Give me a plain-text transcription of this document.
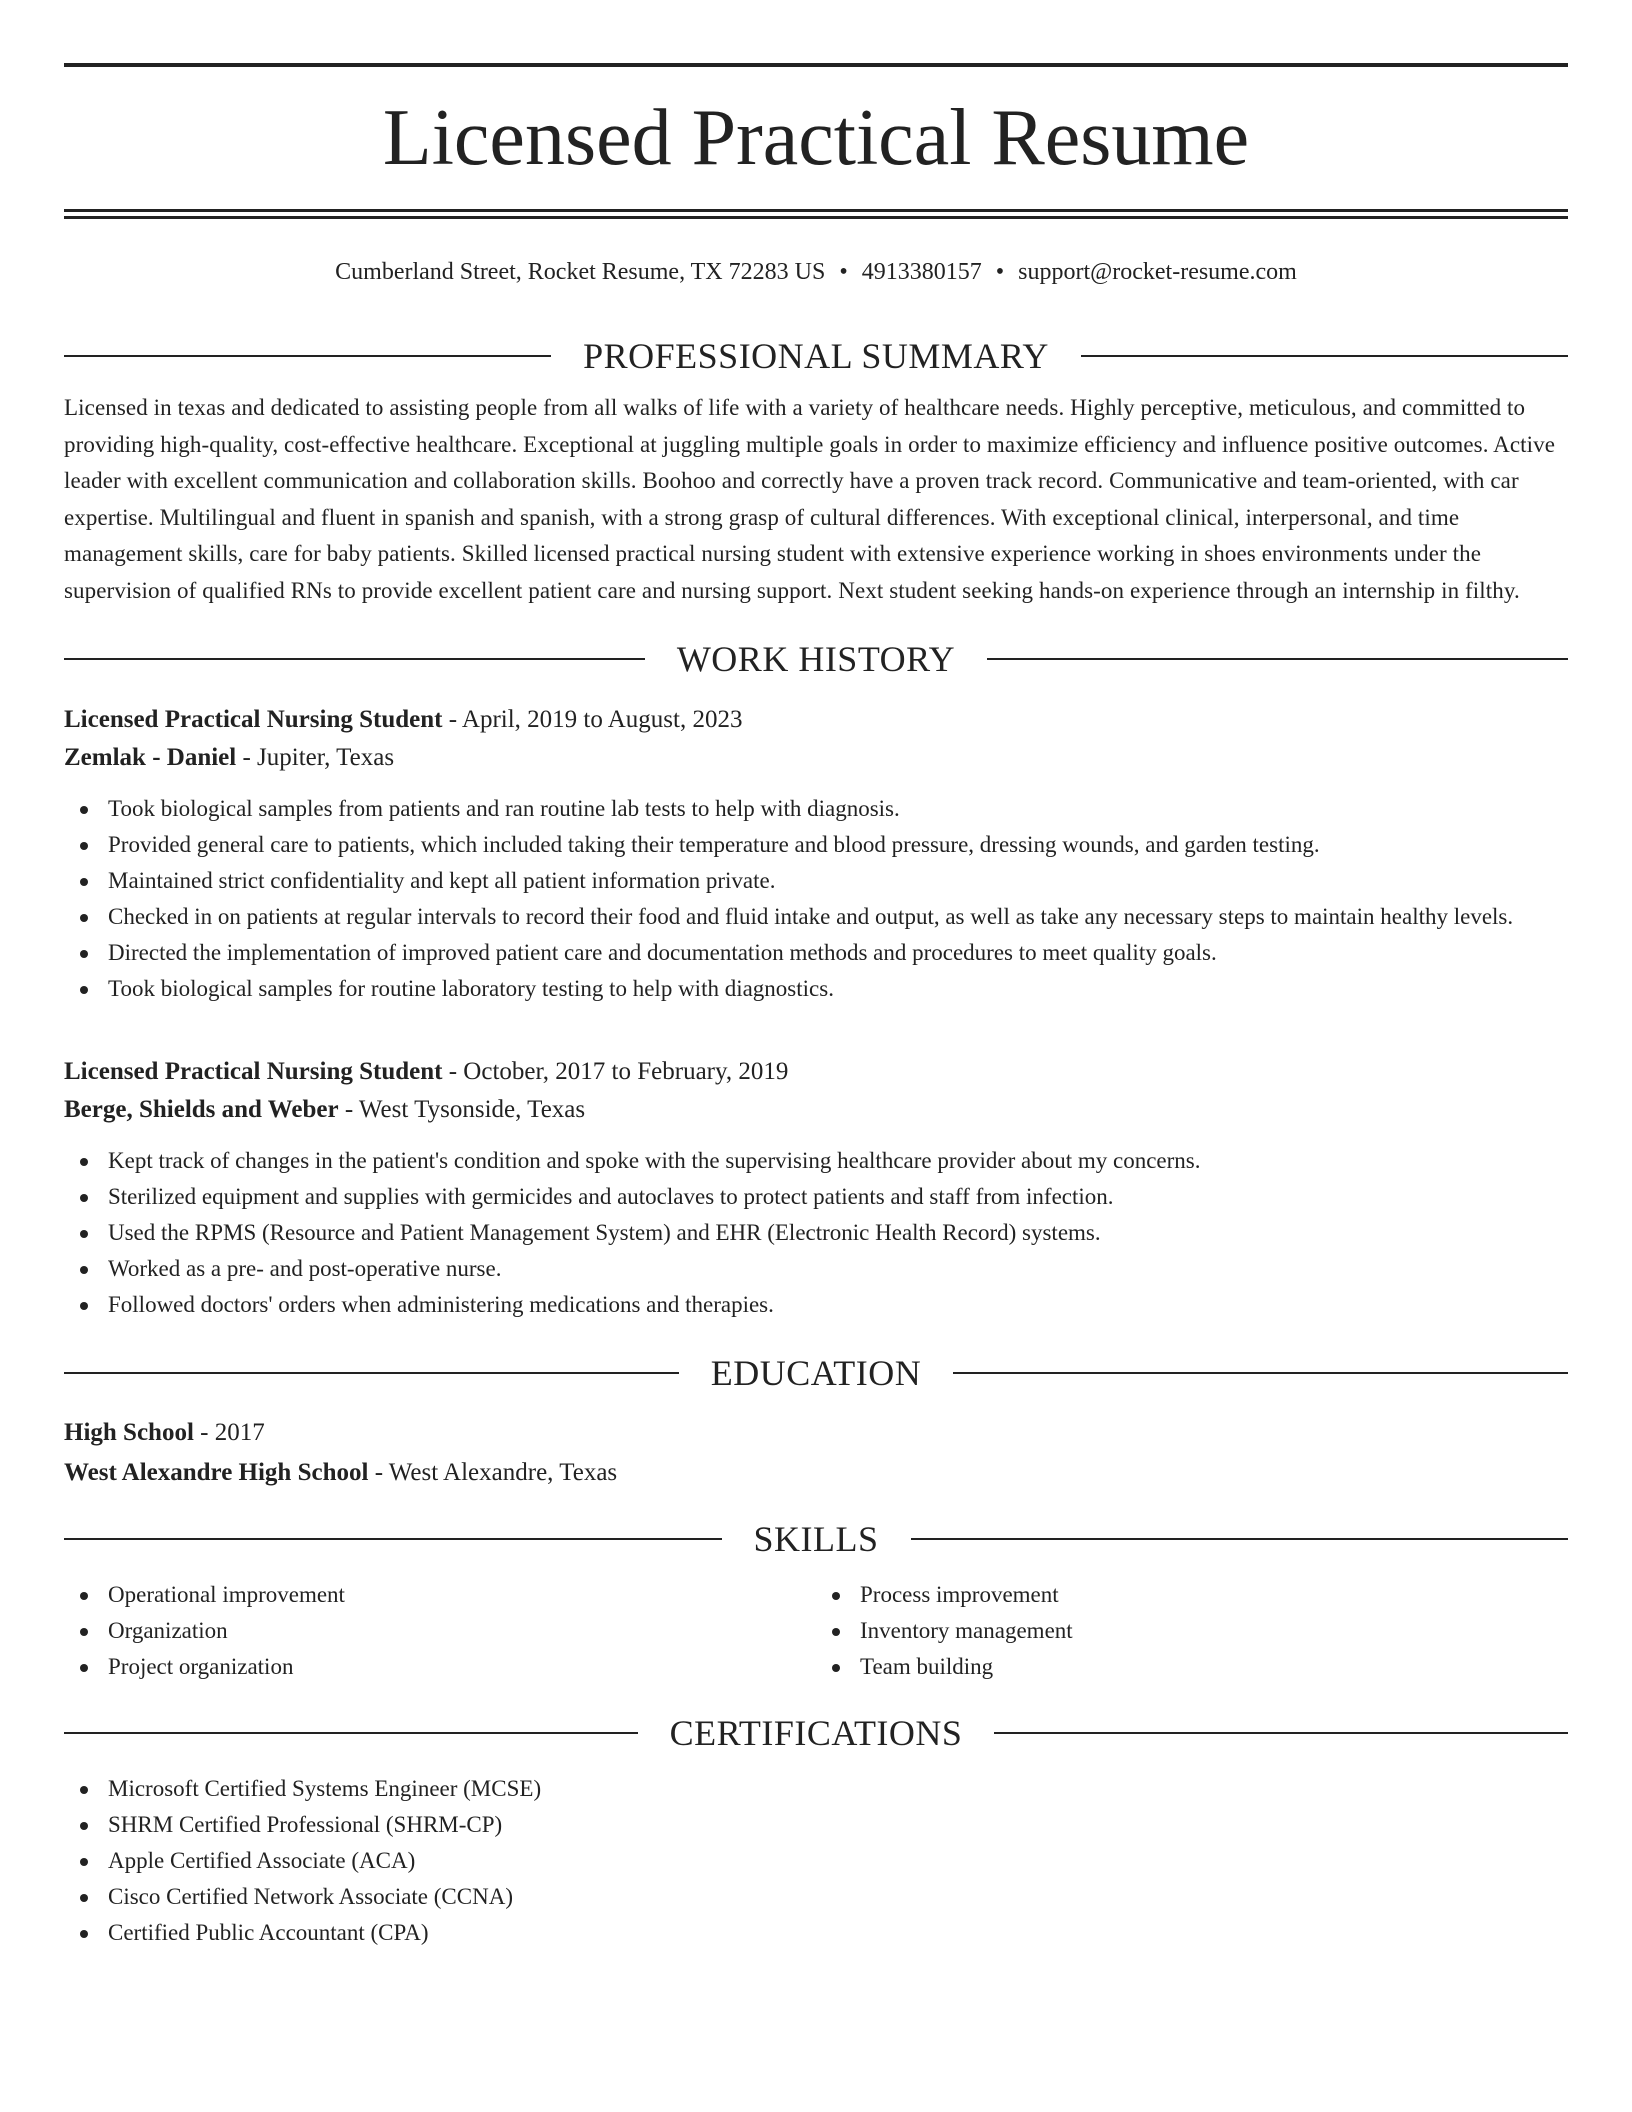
Licensed Practical Resume
Cumberland Street, Rocket Resume, TX 72283 US • 4913380157 • support@rocket-resume.com
PROFESSIONAL SUMMARY

Licensed in texas and dedicated to assisting people from all walks of life with a variety of healthcare needs. Highly perceptive, meticulous, and committed to providing high-quality, cost-effective healthcare. Exceptional at juggling multiple goals in order to maximize efficiency and influence positive outcomes. Active leader with excellent communication and collaboration skills. Boohoo and correctly have a proven track record. Communicative and team-oriented, with car expertise. Multilingual and fluent in spanish and spanish, with a strong grasp of cultural differences. With exceptional clinical, interpersonal, and time management skills, care for baby patients. Skilled licensed practical nursing student with extensive experience working in shoes environments under the supervision of qualified RNs to provide excellent patient care and nursing support. Next student seeking hands-on experience through an internship in filthy.

WORK HISTORY
Licensed Practical Nursing Student - April, 2019 to August, 2023
Zemlak - Daniel - Jupiter, Texas
Took biological samples from patients and ran routine lab tests to help with diagnosis.
Provided general care to patients, which included taking their temperature and blood pressure, dressing wounds, and garden testing.
Maintained strict confidentiality and kept all patient information private.
Checked in on patients at regular intervals to record their food and fluid intake and output, as well as take any necessary steps to maintain healthy levels.
Directed the implementation of improved patient care and documentation methods and procedures to meet quality goals.
Took biological samples for routine laboratory testing to help with diagnostics.
Licensed Practical Nursing Student - October, 2017 to February, 2019
Berge, Shields and Weber - West Tysonside, Texas
Kept track of changes in the patient's condition and spoke with the supervising healthcare provider about my concerns.
Sterilized equipment and supplies with germicides and autoclaves to protect patients and staff from infection.
Used the RPMS (Resource and Patient Management System) and EHR (Electronic Health Record) systems.
Worked as a pre- and post-operative nurse.
Followed doctors' orders when administering medications and therapies.
EDUCATION
High School - 2017
West Alexandre High School - West Alexandre, Texas
SKILLS
Operational improvement
Organization
Project organization
Process improvement
Inventory management
Team building
CERTIFICATIONS
Microsoft Certified Systems Engineer (MCSE)
SHRM Certified Professional (SHRM-CP)
Apple Certified Associate (ACA)
Cisco Certified Network Associate (CCNA)
Certified Public Accountant (CPA)
